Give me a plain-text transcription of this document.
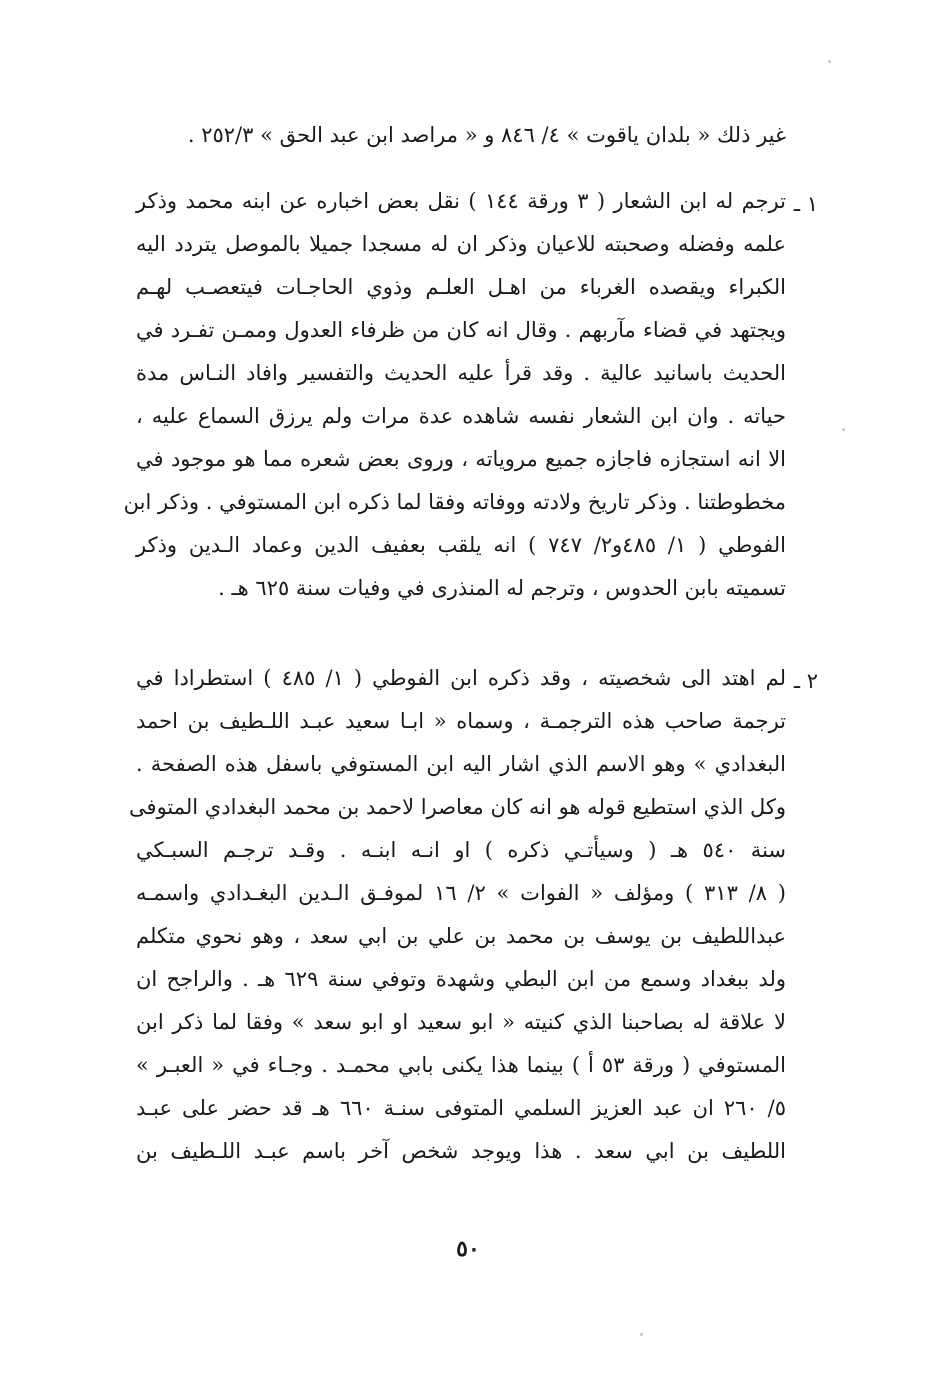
غير ذلك « بلدان ياقوت » ٤/ ٨٤٦ و « مراصد ابن عبد الحق » ٢٥٢/٣ .
١ ـ
ترجم له ابن الشعار ( ٣ ورقة ١٤٤ ) نقل بعض اخباره عن ابنه محمد وذكر
علمه وفضله وصحبته للاعيان وذكر ان له مسجدا جميلا بالموصل يتردد اليه
الكبراء ويقصده الغرباء من اهـل العلـم وذوي الحاجـات فيتعصـب لهـم
ويجتهد في قضاء مآربهم . وقال انه كان من ظرفاء العدول وممـن تفـرد في
الحديث باسانيد عالية . وقد قرأ عليه الحديث والتفسير وافاد النـاس مدة
حياته . وان ابن الشعار نفسه شاهده عدة مرات ولم يرزق السماع عليه ،
الا انه استجازه فاجازه جميع مروياته ، وروى بعض شعره مما هو موجود في
مخطوطتنا . وذكر تاريخ ولادته ووفاته وفقا لما ذكره ابن المستوفي . وذكر ابن
الفوطي ( ١/ ٤٨٥و٢/ ٧٤٧ ) انه يلقب بعفيف الدين وعماد الـدين وذكر
تسميته بابن الحدوس ، وترجم له المنذرى في وفيات سنة ٦٢٥ هـ .
٢ ـ
لم اهتد الى شخصيته ، وقد ذكره ابن الفوطي ( ١/ ٤٨٥ ) استطرادا في
ترجمة صاحب هذه الترجمـة ، وسماه « ابـا سعيد عبـد اللـطيف بن احمد
البغدادي » وهو الاسم الذي اشار اليه ابن المستوفي باسفل هذه الصفحة .
وكل الذي استطيع قوله هو انه كان معاصرا لاحمد بن محمد البغدادي المتوفى
سنة ٥٤٠ هـ ( وسيأتـي ذكره ) او انـه ابنـه . وقـد ترجـم السبـكي
( ٨/ ٣١٣ ) ومؤلف « الفوات » ٢/ ١٦ لموفـق الـدين البغـدادي واسمـه
عبداللطيف بن يوسف بن محمد بن علي بن ابي سعد ، وهو نحوي متكلم
ولد ببغداد وسمع من ابن البطي وشهدة وتوفي سنة ٦٢٩ هـ . والراجح ان
لا علاقة له بصاحبنا الذي كنيته « ابو سعيد او ابو سعد » وفقا لما ذكر ابن
المستوفي ( ورقة ٥٣ أ ) بينما هذا يكنى بابي محمـد . وجـاء في « العبـر »
٥/ ٢٦٠ ان عبد العزيز السلمي المتوفى سنـة ٦٦٠ هـ قد حضر على عبـد
اللطيف بن ابي سعد . هذا ويوجد شخص آخر باسم عبـد اللـطيف بن
٥٠
